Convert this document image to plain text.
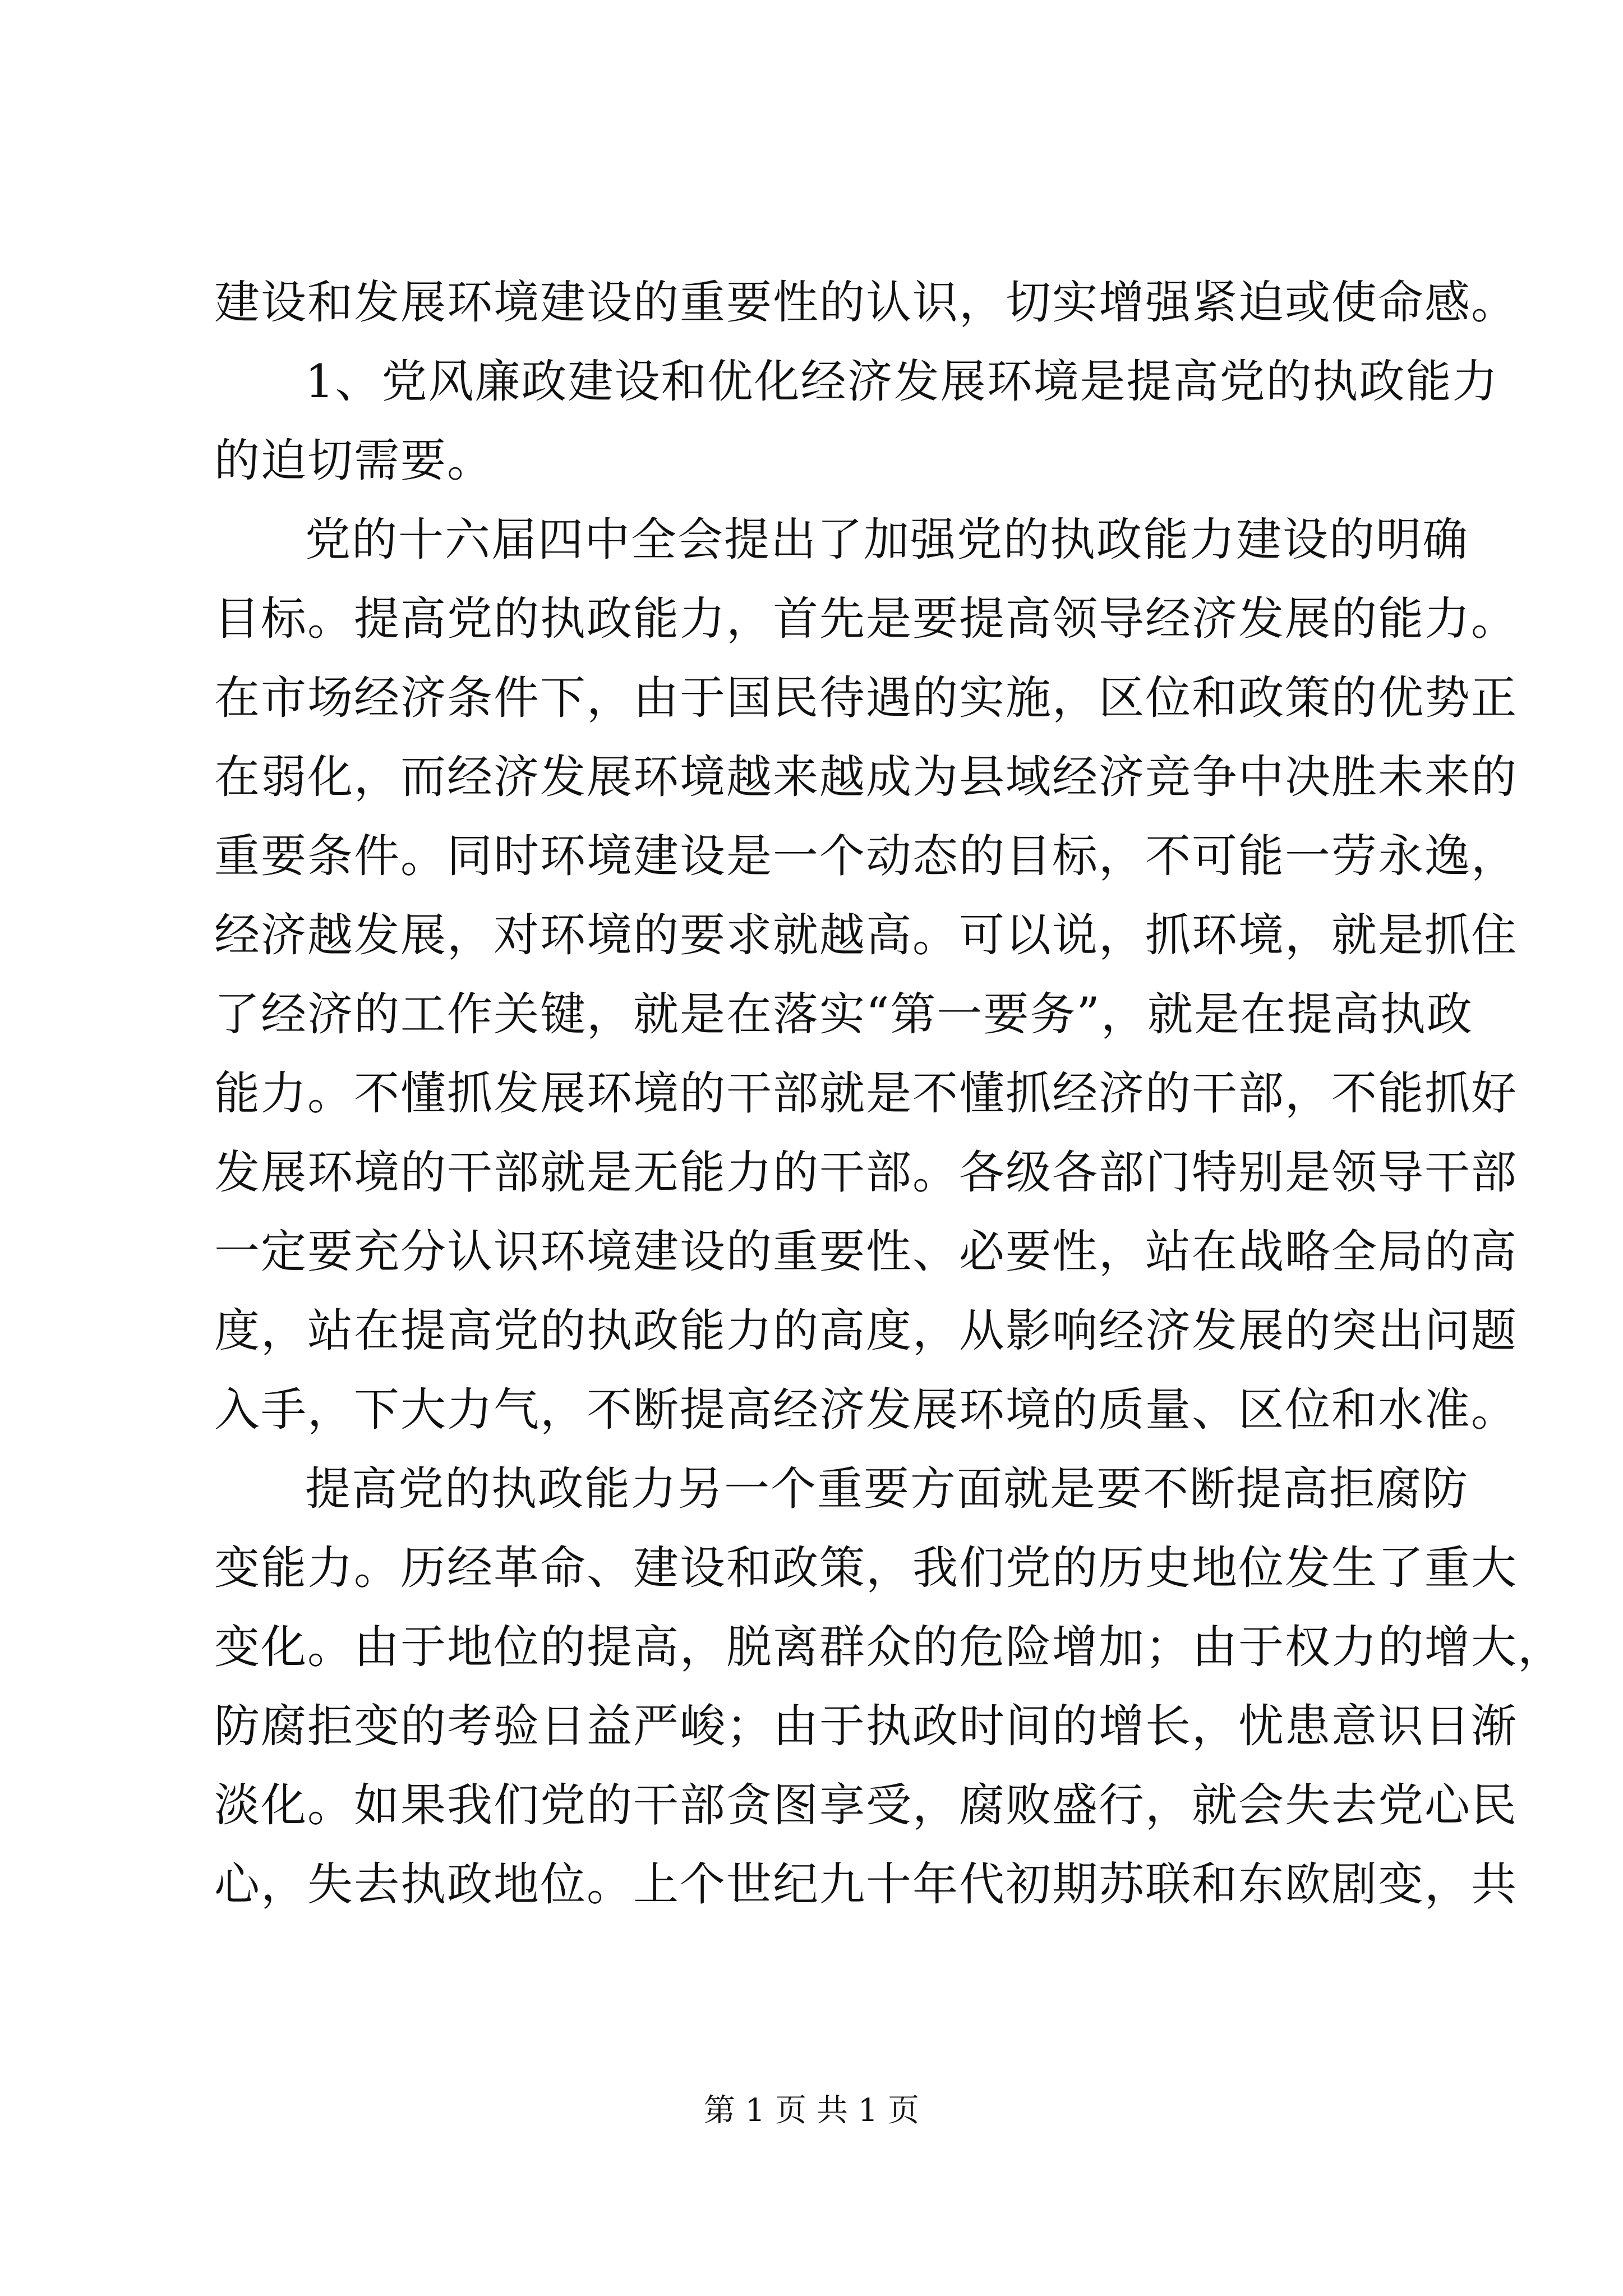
建设和发展环境建设的重要性的认识，切实增强紧迫或使命感。
1、党风廉政建设和优化经济发展环境是提高党的执政能力
的迫切需要。
党的十六届四中全会提出了加强党的执政能力建设的明确
目标。提高党的执政能力，首先是要提高领导经济发展的能力。
在市场经济条件下，由于国民待遇的实施，区位和政策的优势正
在弱化，而经济发展环境越来越成为县域经济竞争中决胜未来的
重要条件。同时环境建设是一个动态的目标，不可能一劳永逸，
经济越发展，对环境的要求就越高。可以说，抓环境，就是抓住
了经济的工作关键，就是在落实“第一要务”，就是在提高执政
能力。不懂抓发展环境的干部就是不懂抓经济的干部，不能抓好
发展环境的干部就是无能力的干部。各级各部门特别是领导干部
一定要充分认识环境建设的重要性、必要性，站在战略全局的高
度，站在提高党的执政能力的高度，从影响经济发展的突出问题
入手，下大力气，不断提高经济发展环境的质量、区位和水准。
提高党的执政能力另一个重要方面就是要不断提高拒腐防
变能力。历经革命、建设和政策，我们党的历史地位发生了重大
变化。由于地位的提高，脱离群众的危险增加；由于权力的增大，
防腐拒变的考验日益严峻；由于执政时间的增长，忧患意识日渐
淡化。如果我们党的干部贪图享受，腐败盛行，就会失去党心民
心，失去执政地位。上个世纪九十年代初期苏联和东欧剧变，共
第 1 页 共 1 页
